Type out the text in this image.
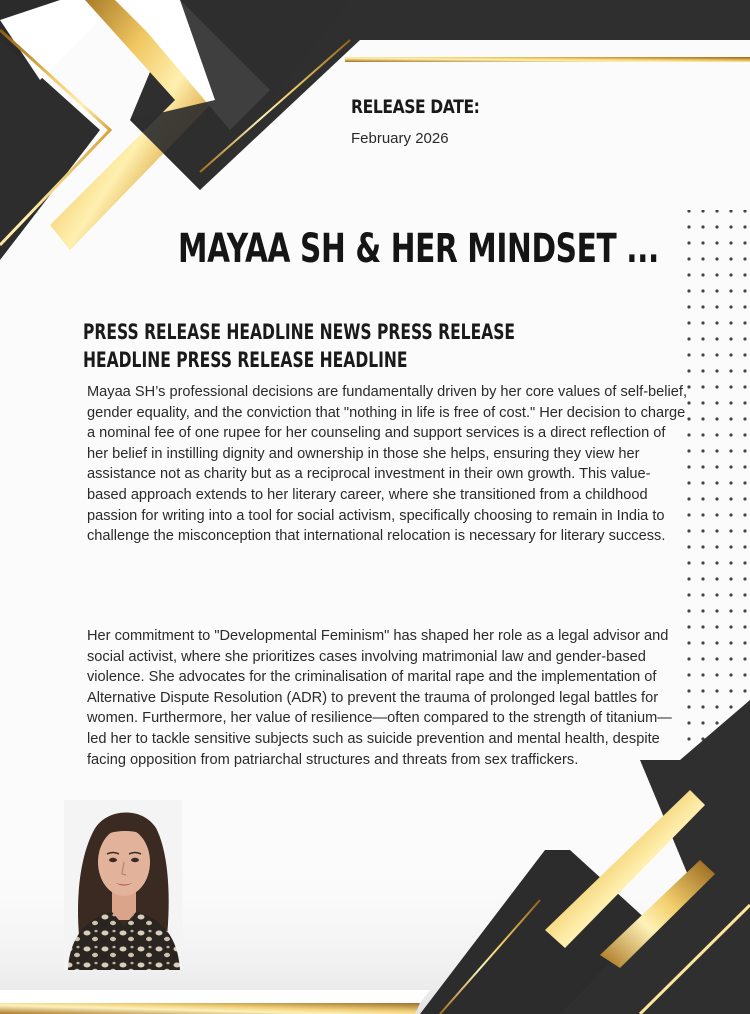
RELEASE DATE:
February 2026
MAYAA SH & HER MINDSET ...
PRESS RELEASE HEADLINE NEWS PRESS RELEASE HEADLINE PRESS RELEASE HEADLINE
Mayaa SH’s professional decisions are fundamentally driven by her core values of self-belief, gender equality, and the conviction that "nothing in life is free of cost." Her decision to charge a nominal fee of one rupee for her counseling and support services is a direct reflection of her belief in instilling dignity and ownership in those she helps, ensuring they view her assistance not as charity but as a reciprocal investment in their own growth. This value-based approach extends to her literary career, where she transitioned from a childhood passion for writing into a tool for social activism, specifically choosing to remain in India to challenge the misconception that international relocation is necessary for literary success.
Her commitment to "Developmental Feminism" has shaped her role as a legal advisor and social activist, where she prioritizes cases involving matrimonial law and gender-based violence. She advocates for the criminalisation of marital rape and the implementation of Alternative Dispute Resolution (ADR) to prevent the trauma of prolonged legal battles for women. Furthermore, her value of resilience—often compared to the strength of titanium—led her to tackle sensitive subjects such as suicide prevention and mental health, despite facing opposition from patriarchal structures and threats from sex traffickers.
